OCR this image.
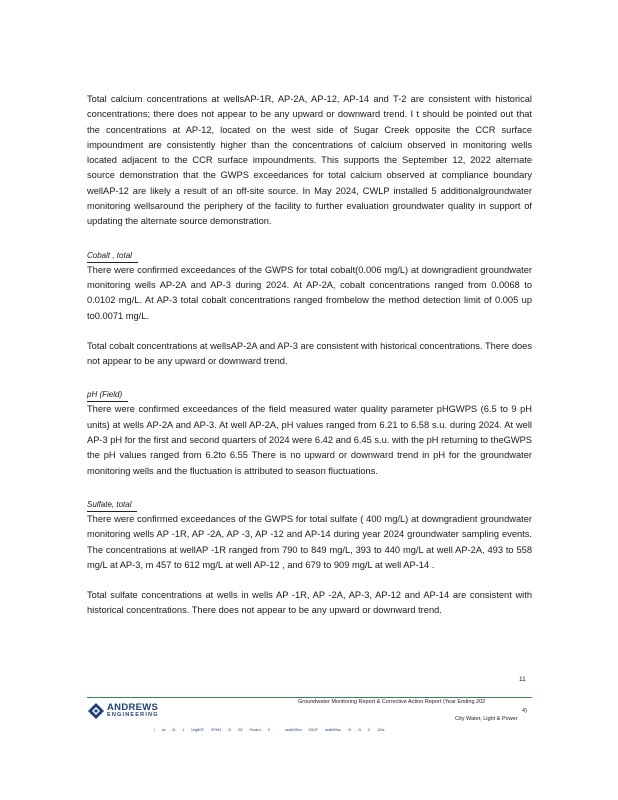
Total calcium concentrations at wellsAP-1R, AP-2A, AP-12, AP-14 and T-2 are consistent with historical concentrations; there does not appear to be any upward or downward trend. I t should be pointed out that the concentrations at AP-12, located on the west side of Sugar Creek opposite the CCR surface impoundment are consistently higher than the concentrations of calcium observed in monitoring wells located adjacent to the CCR surface impoundments. This supports the September 12, 2022 alternate source demonstration that the GWPS exceedances for total calcium observed at compliance boundary wellAP-12 are likely a result of an off-site source. In May 2024, CWLP installed 5 additionalgroundwater monitoring wellsaround the periphery of the facility to further evaluation groundwater quality in support of updating the alternate source demonstration.

Cobalt , total

There were confirmed exceedances of the GWPS for total cobalt(0.006 mg/L) at downgradient groundwater monitoring wells AP-2A and AP-3 during 2024. At AP-2A, cobalt concentrations ranged from 0.0068 to 0.0102 mg/L. At AP-3 total cobalt concentrations ranged frombelow the method detection limit of 0.005 up to0.0071 mg/L.

Total cobalt concentrations at wellsAP-2A and AP-3 are consistent with historical concentrations. There does not appear to be any upward or downward trend.

pH (Field)

There were confirmed exceedances of the field measured water quality parameter pHGWPS (6.5 to 9 pH units) at wells AP-2A and AP-3. At well AP-2A, pH values ranged from 6.21 to 6.58 s.u. during 2024. At well AP-3 pH for the first and second quarters of 2024 were 6.42 and 6.45 s.u. with the pH returning to theGWPS the pH values ranged from 6.2to 6.55 There is no upward or downward trend in pH for the groundwater monitoring wells and the fluctuation is attributed to season fluctuations.

Sulfate, total

There were confirmed exceedances of the GWPS for total sulfate ( 400 mg/L) at downgradient groundwater monitoring wells AP -1R, AP -2A, AP -3, AP -12 and AP-14 during year 2024 groundwater sampling events. The concentrations at wellAP -1R ranged from 790 to 849 mg/L, 393 to 440 mg/L at well AP-2A, 493 to 558 mg/L at AP-3, m 457 to 612 mg/L at well AP-12 , and 679 to 909 mg/L at well AP-14 .

Total sulfate concentrations at wells in wells AP -1R, AP -2A, AP-3, AP-12 and AP-14 are consistent with historical concentrations. There does not appear to be any upward or downward trend.

11
ANDREWS
ENGINEERING
Groundwater Monitoring Report & Corrective Action Report (Year Ending 202
4)
City Water, Light & Power
l ad (6 1 Ung8GF SP#94 I3 I32 Rnuld-rl fl - rau8e9Seu G5GF rau8e9Seu I9 I3 Z -I2Ja
